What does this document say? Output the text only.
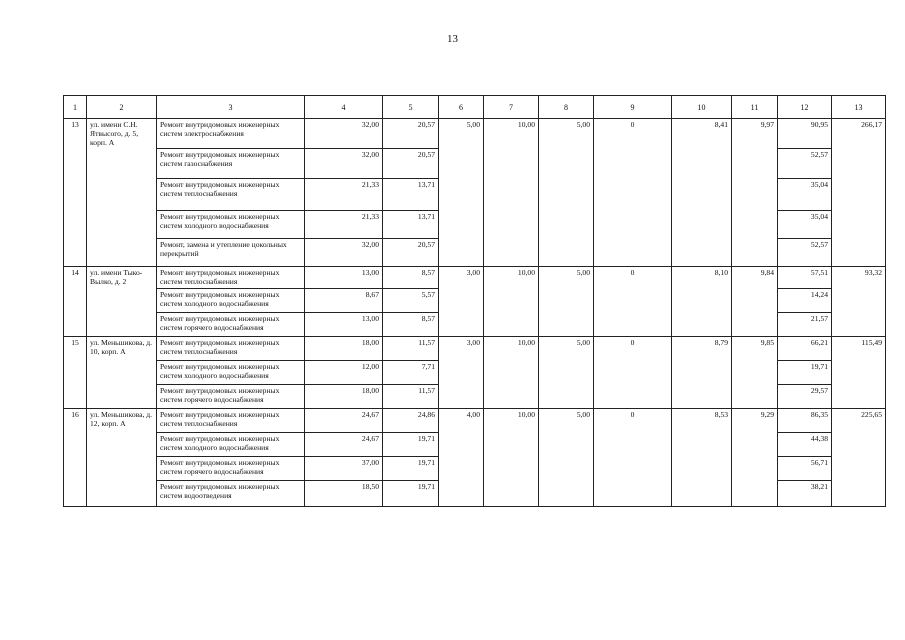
13
1	2	3	4	5	6	7	8	9	10	11	12	13
13	ул. имени С.Н. Ятвысого, д. 5, корп. А	Ремонт внутридомовых инженерных систем электроснабжения	32,00	20,57	5,00	10,00	5,00	0	8,41	9,97	90,95	266,17
		Ремонт внутридомовых инженерных систем газоснабжения	32,00	20,57							52,57	
		Ремонт внутридомовых инженерных систем теплоснабжения	21,33	13,71							35,04	
		Ремонт внутридомовых инженерных систем холодного водоснабжения	21,33	13,71							35,04	
		Ремонт, замена и утепление цокольных перекрытий	32,00	20,57							52,57	
14	ул. имени Тыко-Вылко, д. 2	Ремонт внутридомовых инженерных систем теплоснабжения	13,00	8,57	3,00	10,00	5,00	0	8,10	9,84	57,51	93,32
		Ремонт внутридомовых инженерных систем холодного водоснабжения	8,67	5,57							14,24	
		Ремонт внутридомовых инженерных систем горячего водоснабжения	13,00	8,57							21,57	
15	ул. Меньшикова, д. 10, корп. А	Ремонт внутридомовых инженерных систем теплоснабжения	18,00	11,57	3,00	10,00	5,00	0	8,79	9,85	66,21	115,49
		Ремонт внутридомовых инженерных систем холодного водоснабжения	12,00	7,71							19,71	
		Ремонт внутридомовых инженерных систем горячего водоснабжения	18,00	11,57							29,57	
16	ул. Меньшикова, д. 12, корп. А	Ремонт внутридомовых инженерных систем теплоснабжения	24,67	24,86	4,00	10,00	5,00	0	8,53	9,29	86,35	225,65
		Ремонт внутридомовых инженерных систем холодного водоснабжения	24,67	19,71							44,38	
		Ремонт внутридомовых инженерных систем горячего водоснабжения	37,00	19,71							56,71	
		Ремонт внутридомовых инженерных систем водоотведения	18,50	19,71							38,21	
